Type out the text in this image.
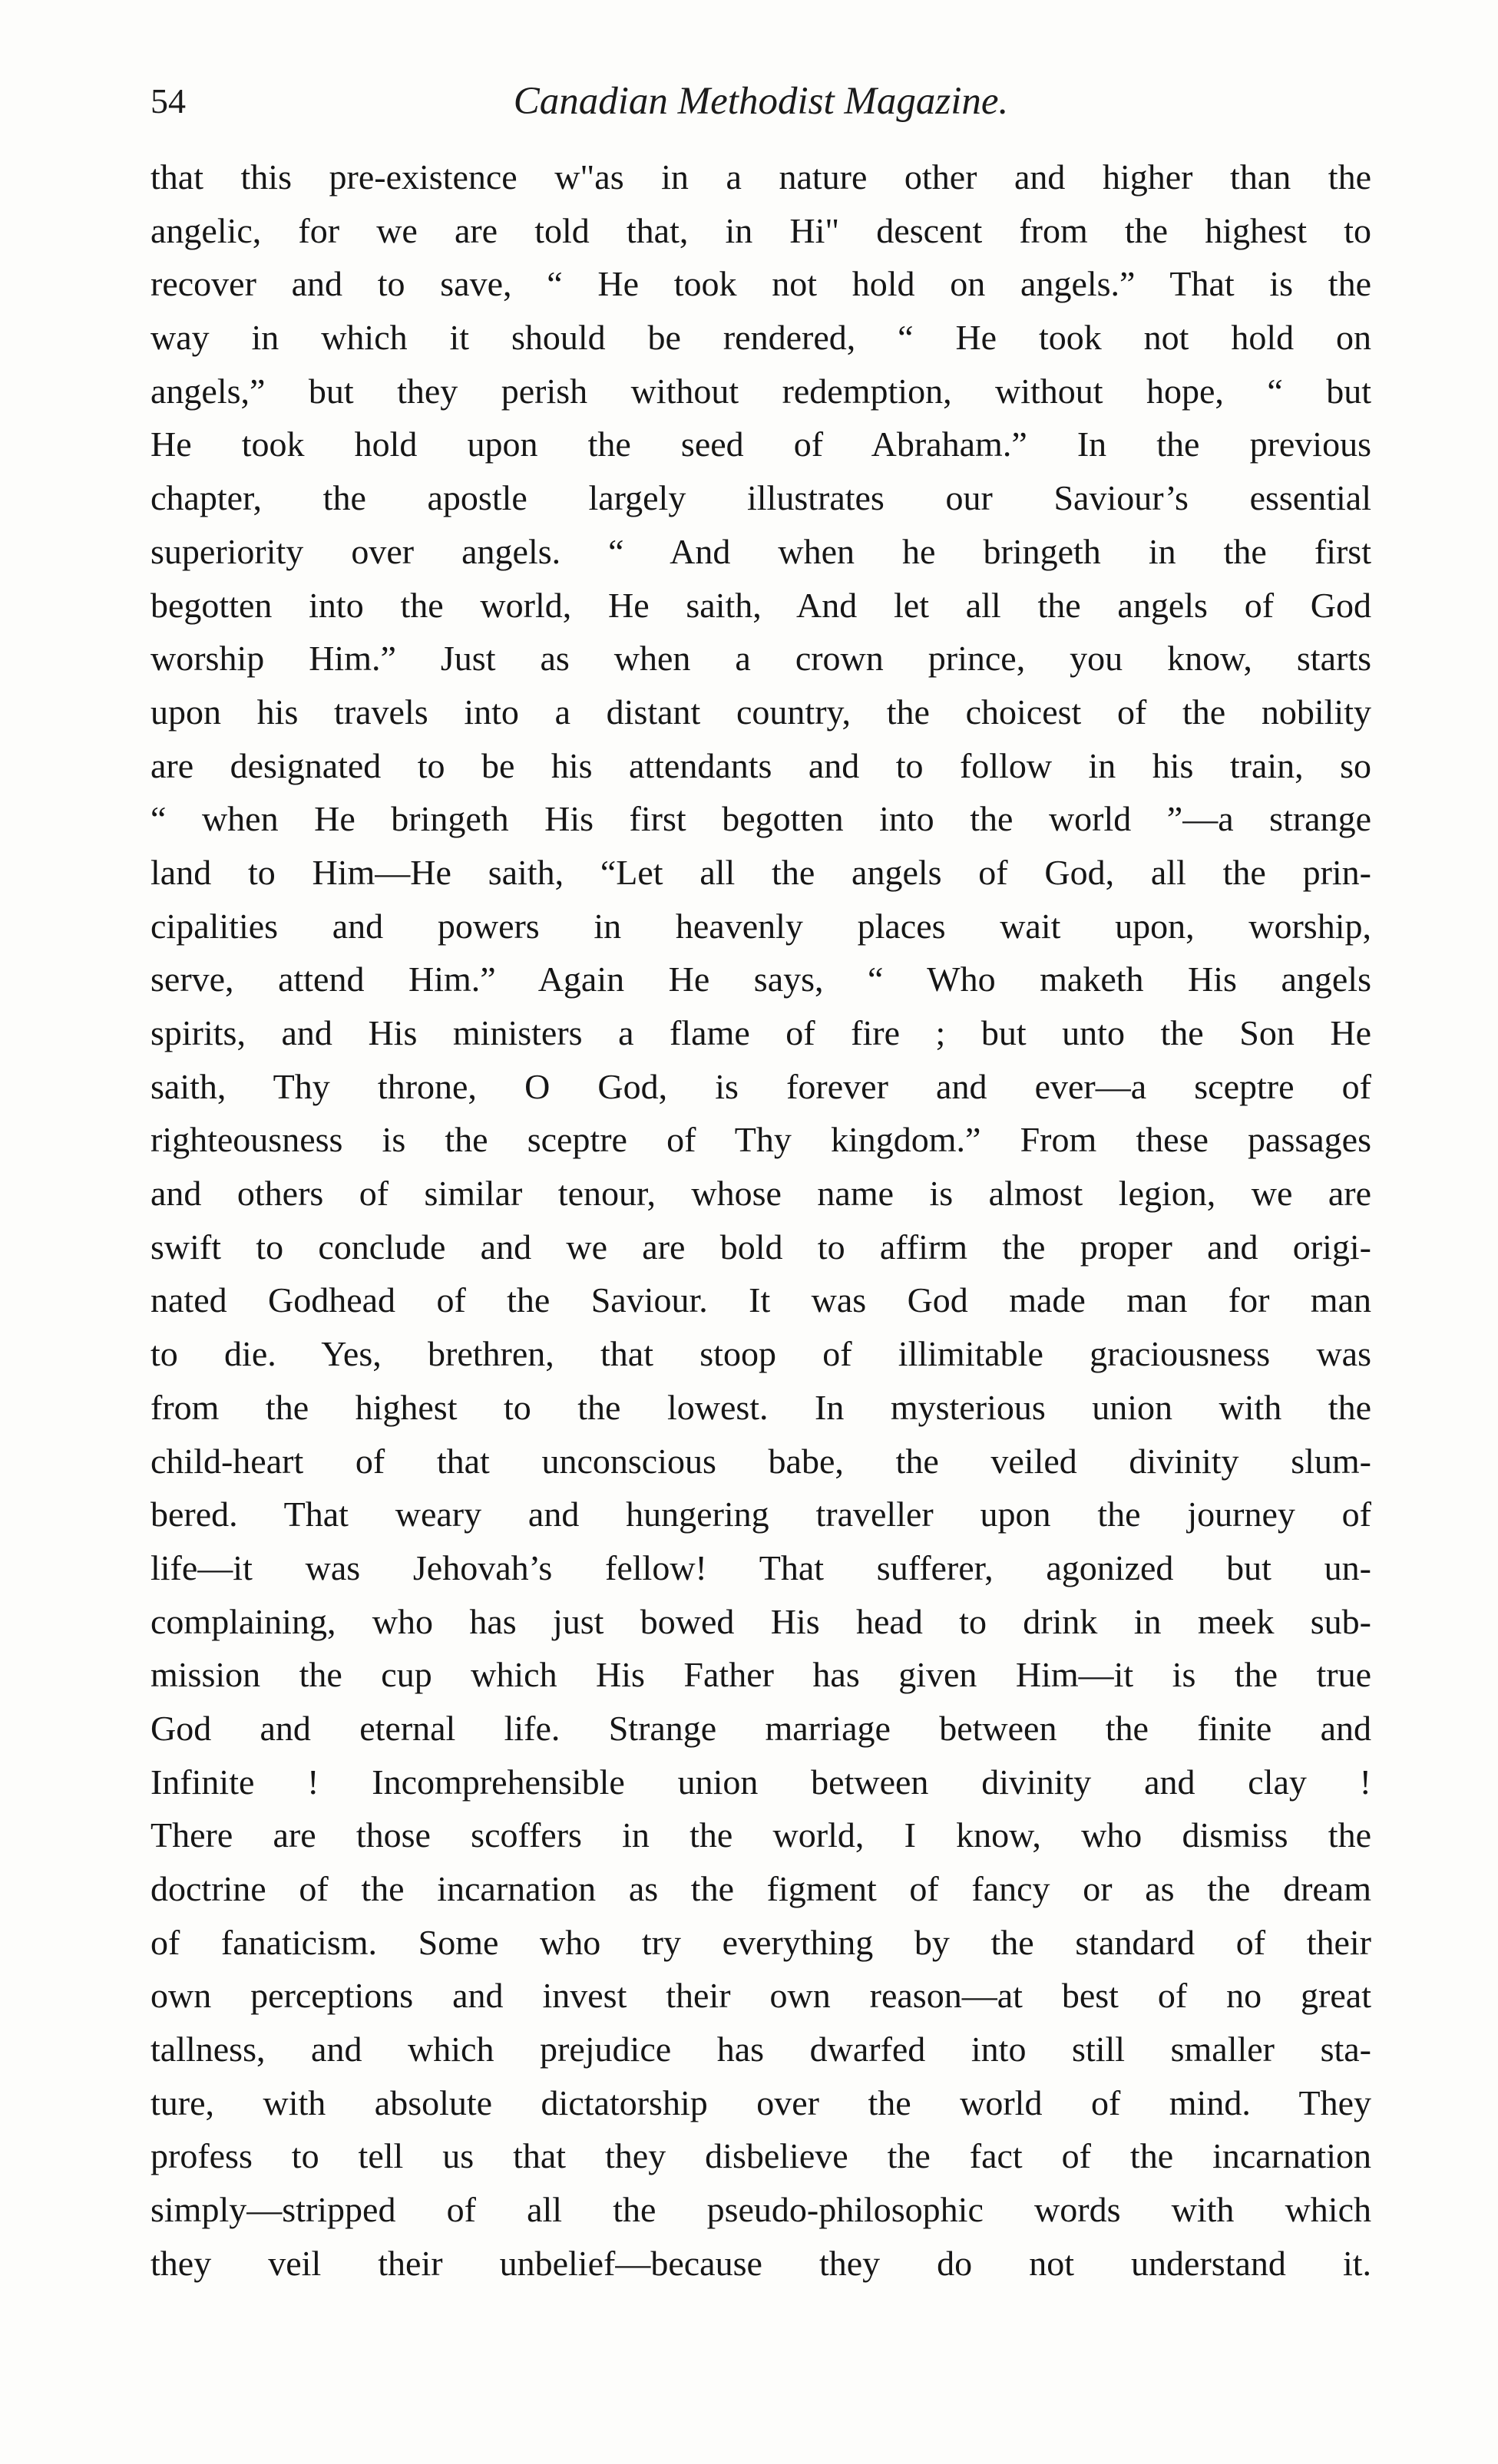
54	Canadian Methodist Magazine.
that this pre-existence w"as in a nature other and higher than the
angelic, for we are told that, in Hi" descent from the highest to
recover and to save, “ He took not hold on angels.” That is the
way in which it should be rendered, “ He took not hold on
angels,” but they perish without redemption, without hope, “ but
He took hold upon the seed of Abraham.” In the previous
chapter, the apostle largely illustrates our Saviour’s essential
superiority over angels. “ And when he bringeth in the first
begotten into the world, He saith, And let all the angels of God
worship Him.” Just as when a crown prince, you know, starts
upon his travels into a distant country, the choicest of the nobility
are designated to be his attendants and to follow in his train, so
“ when He bringeth His first begotten into the world ”—a strange
land to Him—He saith, “Let all the angels of God, all the prin-
cipalities and powers in heavenly places wait upon, worship,
serve, attend Him.” Again He says, “ Who maketh His angels
spirits, and His ministers a flame of fire ; but unto the Son He
saith, Thy throne, O God, is forever and ever—a sceptre of
righteousness is the sceptre of Thy kingdom.” From these passages
and others of similar tenour, whose name is almost legion, we are
swift to conclude and we are bold to affirm the proper and origi-
nated Godhead of the Saviour. It was God made man for man
to die. Yes, brethren, that stoop of illimitable graciousness was
from the highest to the lowest. In mysterious union with the
child-heart of that unconscious babe, the veiled divinity slum-
bered. That weary and hungering traveller upon the journey of
life—it was Jehovah’s fellow! That sufferer, agonized but un-
complaining, who has just bowed His head to drink in meek sub-
mission the cup which His Father has given Him—it is the true
God and eternal life. Strange marriage between the finite and
Infinite ! Incomprehensible union between divinity and clay !
There are those scoffers in the world, I know, who dismiss the
doctrine of the incarnation as the figment of fancy or as the dream
of fanaticism. Some who try everything by the standard of their
own perceptions and invest their own reason—at best of no great
tallness, and which prejudice has dwarfed into still smaller sta-
ture, with absolute dictatorship over the world of mind. They
profess to tell us that they disbelieve the fact of the incarnation
simply—stripped of all the pseudo-philosophic words with which
they veil their unbelief—because they do not understand it.
